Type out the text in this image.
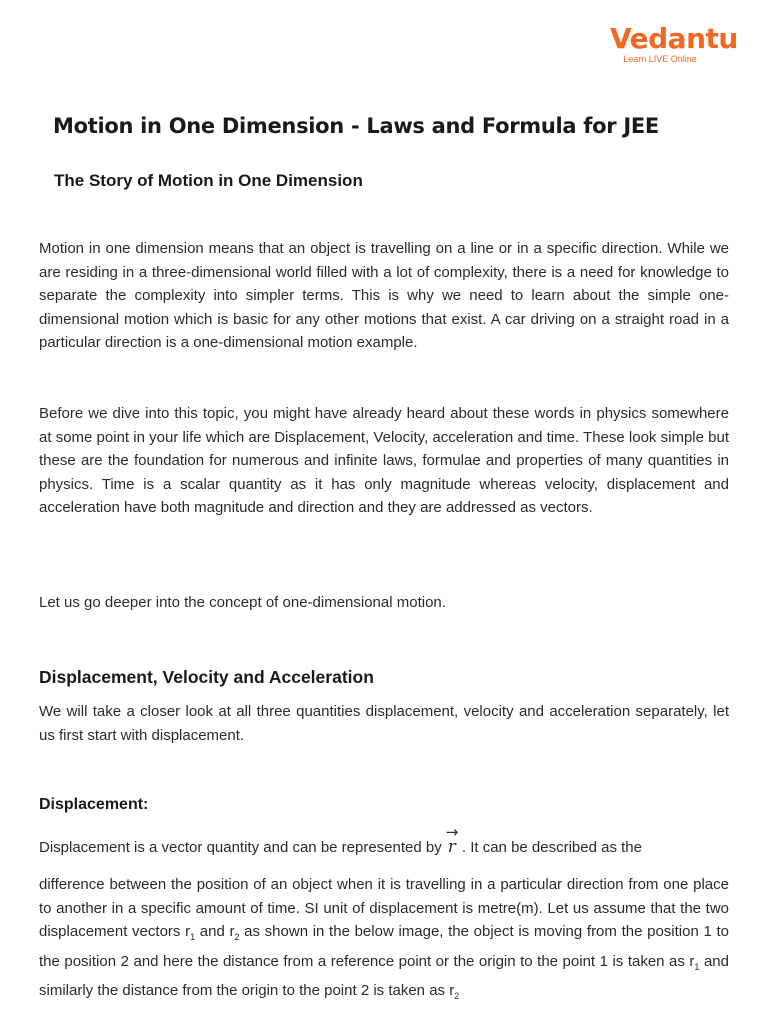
Vedantu
Learn LIVE Online
Motion in One Dimension - Laws and Formula for JEE
The Story of Motion in One Dimension

Motion in one dimension means that an object is travelling on a line or in a specific direction. While we are residing in a three-dimensional world filled with a lot of complexity, there is a need for knowledge to separate the complexity into simpler terms. This is why we need to learn about the simple one-dimensional motion which is basic for any other motions that exist. A car driving on a straight road in a particular direction is a one-dimensional motion example.

Before we dive into this topic, you might have already heard about these words in physics somewhere at some point in your life which are Displacement, Velocity, acceleration and time. These look simple but these are the foundation for numerous and infinite laws, formulae and properties of many quantities in physics. Time is a scalar quantity as it has only magnitude whereas velocity, displacement and acceleration have both magnitude and direction and they are addressed as vectors.

Let us go deeper into the concept of one-dimensional motion.

Displacement, Velocity and Acceleration

We will take a closer look at all three quantities displacement, velocity and acceleration separately, let us first start with displacement.

Displacement:

Displacement is a vector quantity and can be represented by
→
r . It can be described as the

difference between the position of an object when it is travelling in a particular direction from one place to another in a specific amount of time. SI unit of displacement is metre(m). Let us assume that the two displacement vectors $r_1$ and $r_2$ as shown in the below image, the object is moving from the position 1 to the position 2 and here the distance from a reference point or the origin to the point 1 is taken as $r_1$ and similarly the distance from the origin to the point 2 is taken as $r_2$
